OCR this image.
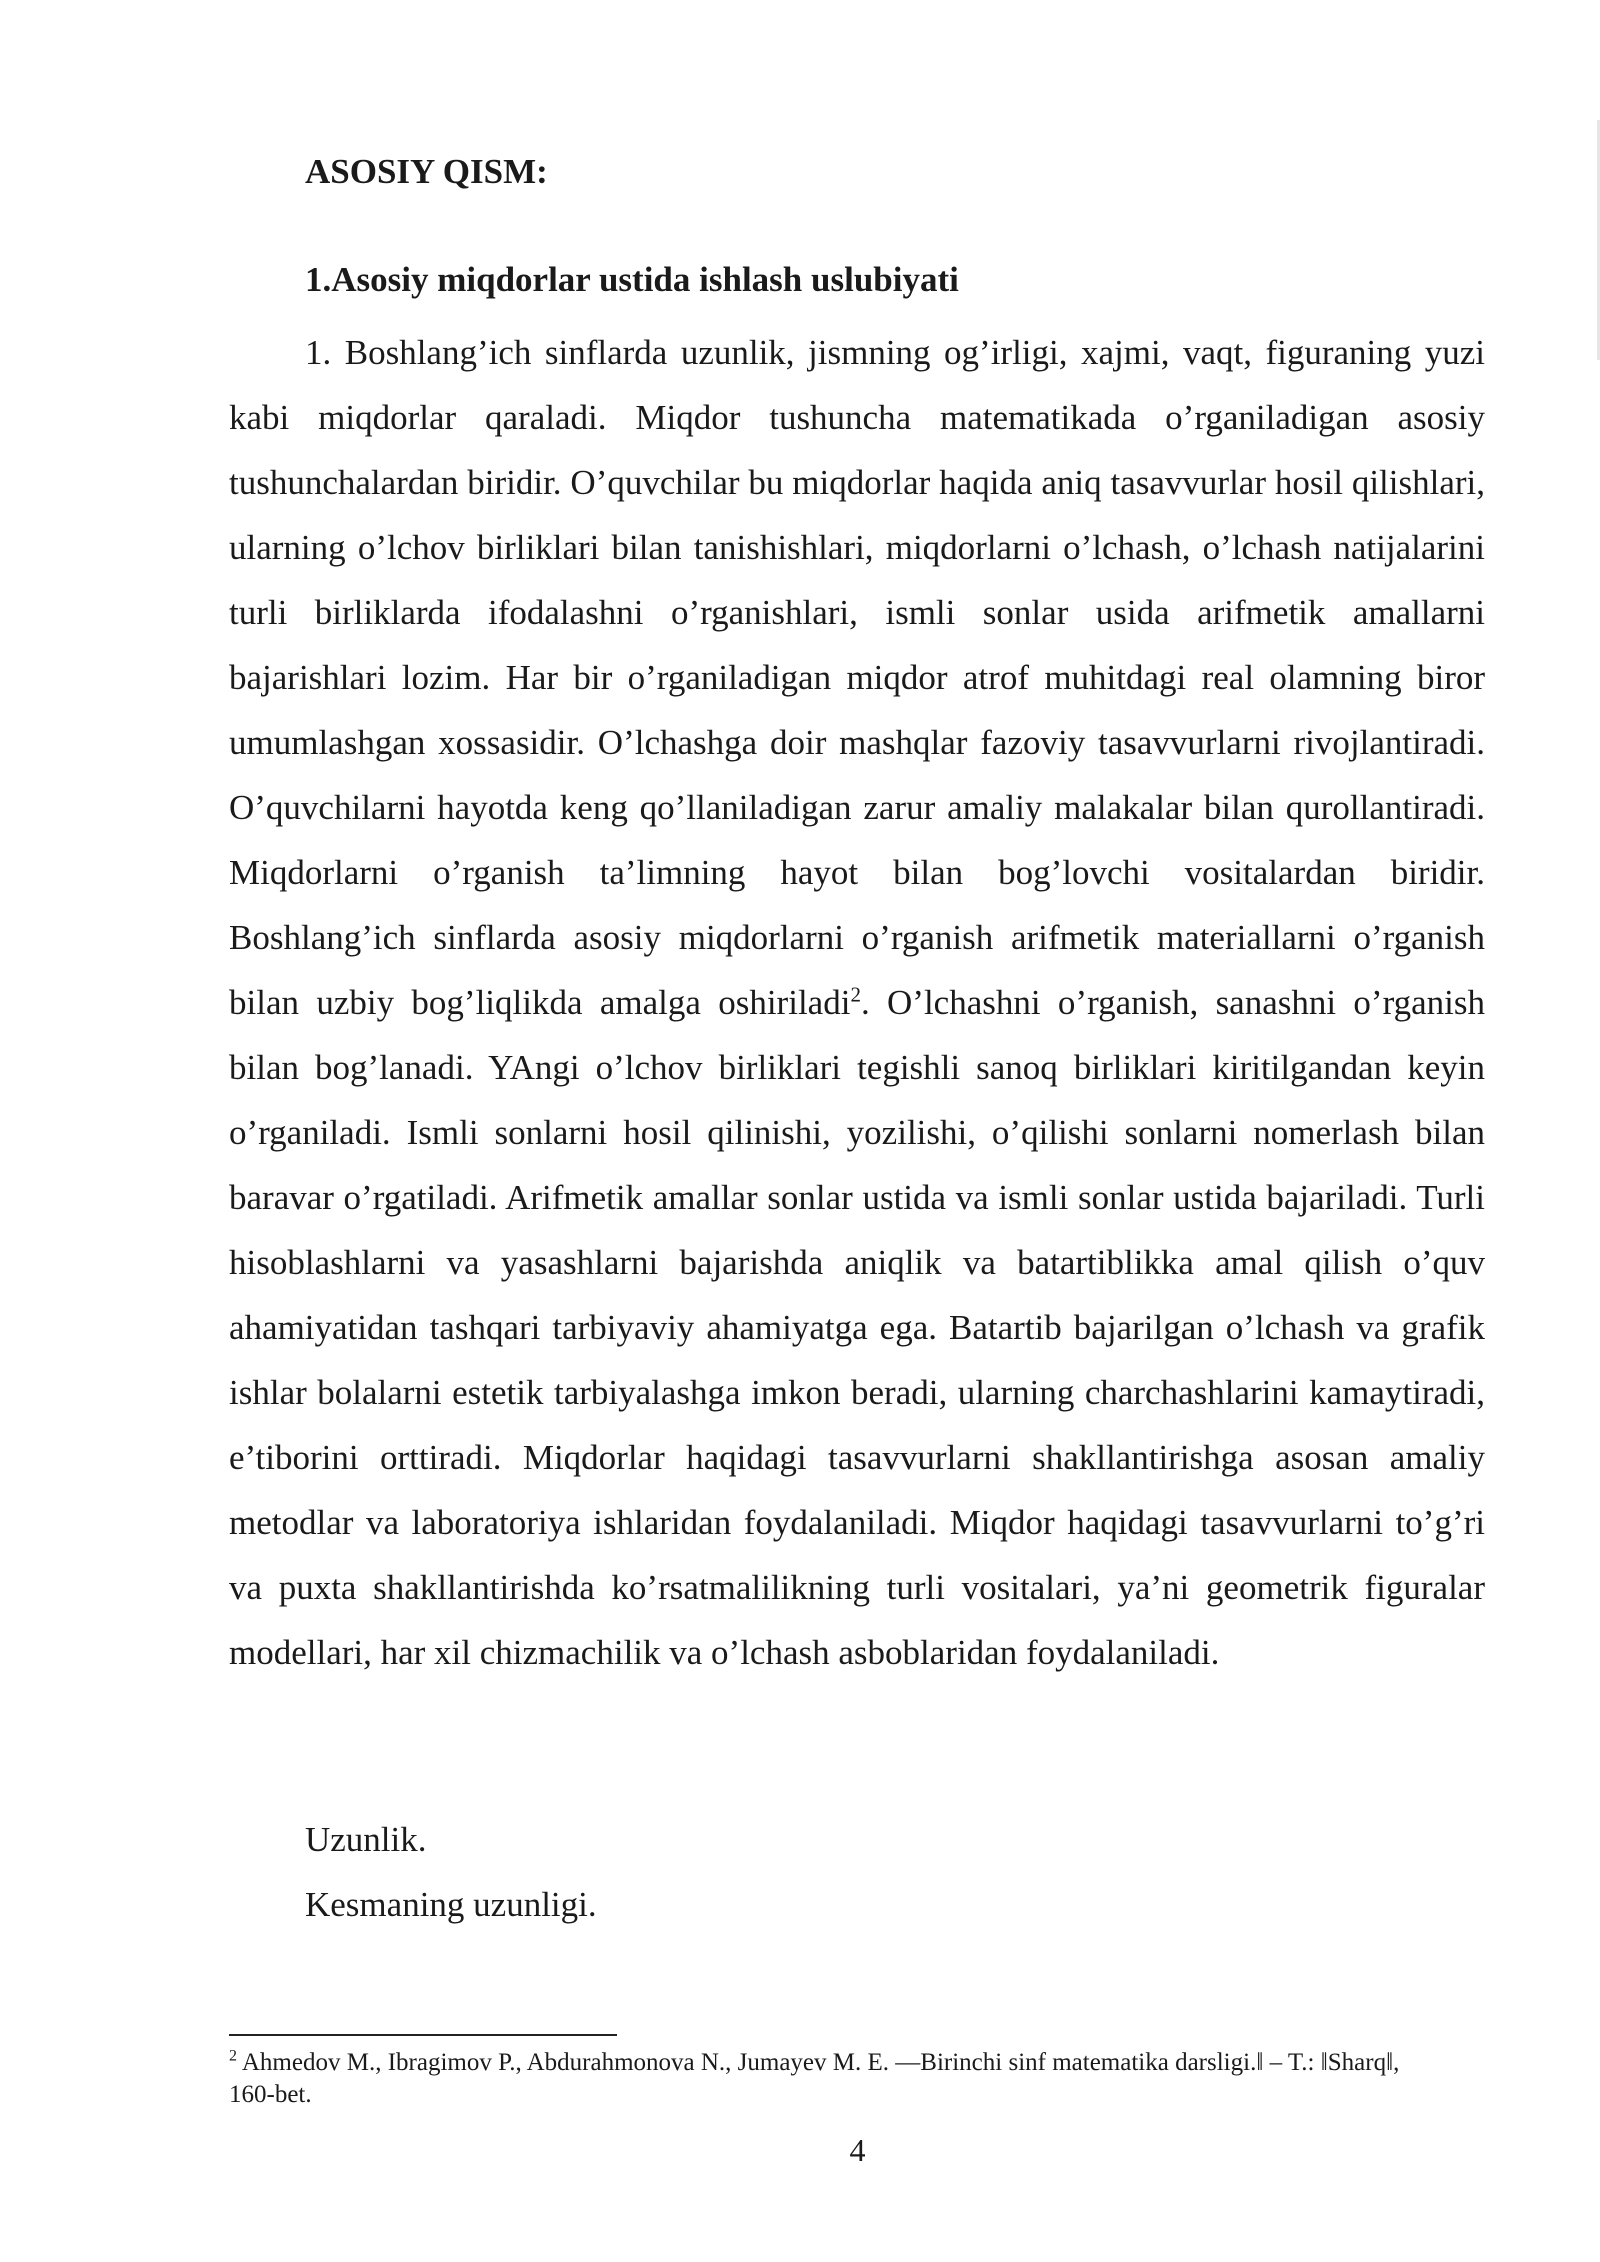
ASOSIY QISM:

1.Asosiy miqdorlar ustida ishlash uslubiyati

1. Boshlang’ich sinflarda uzunlik, jismning og’irligi, xajmi, vaqt, figuraning yuzi kabi miqdorlar qaraladi. Miqdor tushuncha matematikada o’rganiladigan asosiy tushunchalardan biridir. O’quvchilar bu miqdorlar haqida aniq tasavvurlar hosil qilishlari, ularning o’lchov birliklari bilan tanishishlari, miqdorlarni o’lchash, o’lchash natijalarini turli birliklarda ifodalashni o’rganishlari, ismli sonlar usida arifmetik amallarni bajarishlari lozim. Har bir o’rganiladigan miqdor atrof muhitdagi real olamning biror umumlashgan xossasidir. O’lchashga doir mashqlar fazoviy tasavvurlarni rivojlantiradi. O’quvchilarni hayotda keng qo’llaniladigan zarur amaliy malakalar bilan qurollantiradi. Miqdorlarni o’rganish ta’limning hayot bilan bog’lovchi vositalardan biridir. Boshlang’ich sinflarda asosiy miqdorlarni o’rganish arifmetik materiallarni o’rganish bilan uzbiy bog’liqlikda amalga oshiriladi$^2$. O’lchashni o’rganish, sanashni o’rganish bilan bog’lanadi. YAngi o’lchov birliklari tegishli sanoq birliklari kiritilgandan keyin o’rganiladi. Ismli sonlarni hosil qilinishi, yozilishi, o’qilishi sonlarni nomerlash bilan baravar o’rgatiladi. Arifmetik amallar sonlar ustida va ismli sonlar ustida bajariladi. Turli hisoblashlarni va yasashlarni bajarishda aniqlik va batartiblikka amal qilish o’quv ahamiyatidan tashqari tarbiyaviy ahamiyatga ega. Batartib bajarilgan o’lchash va grafik ishlar bolalarni estetik tarbiyalashga imkon beradi, ularning charchashlarini kamaytiradi, e’tiborini orttiradi. Miqdorlar haqidagi tasavvurlarni shakllantirishga asosan amaliy metodlar va laboratoriya ishlaridan foydalaniladi. Miqdor haqidagi tasavvurlarni to’g’ri va puxta shakllantirishda ko’rsatmalilikning turli vositalari, ya’ni geometrik figuralar modellari, har xil chizmachilik va o’lchash asboblaridan foydalaniladi.

Uzunlik.

Kesmaning uzunligi.

$^2$ Ahmedov M., Ibragimov P., Abdurahmonova N., Jumayev M. E. ―Birinchi sinf matematika darsligi.‖ – T.: ‖Sharq‖, 160-bet.

4
